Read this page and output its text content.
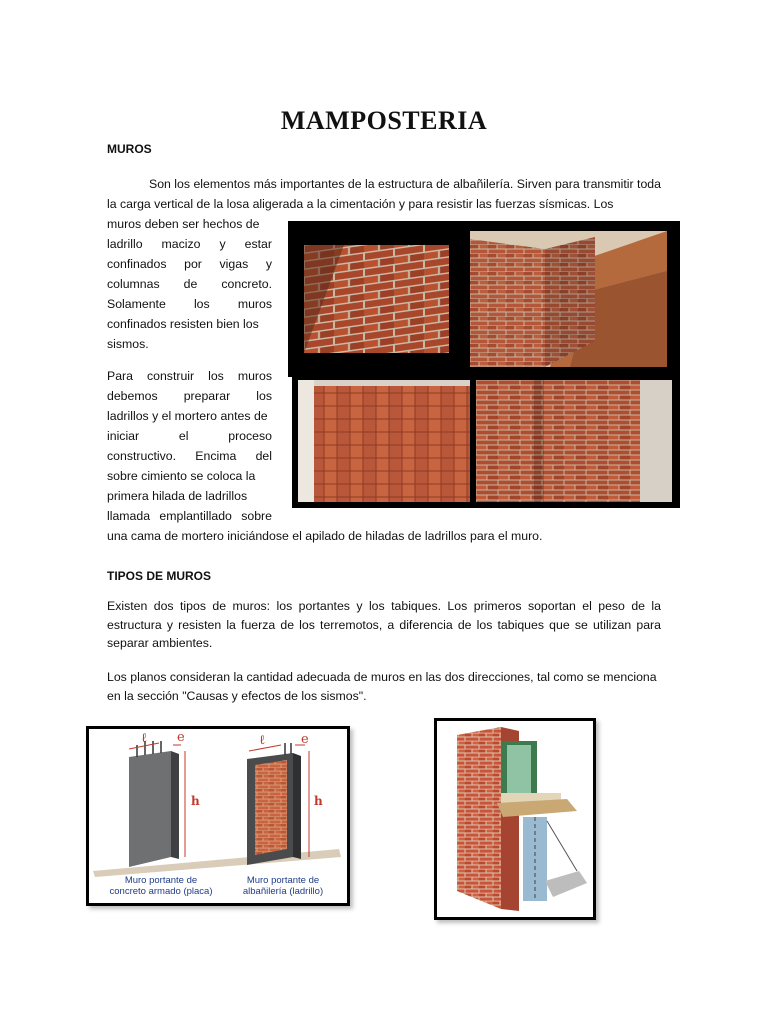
MAMPOSTERIA
MUROS

Son los elementos más importantes de la estructura de albañilería. Sirven para transmitir toda la carga vertical de la losa aligerada a la cimentación y para resistir las fuerzas sísmicas. Los

muros deben ser hechos de
ladrillo macizo y estar
confinados por vigas y
columnas de concreto.
Solamente los muros
confinados resisten bien los
sismos.
Para construir los muros
debemos preparar los
ladrillos y el mortero antes de
iniciar el proceso
constructivo. Encima del
sobre cimiento se coloca la
primera hilada de ladrillos
llamada emplantillado sobre

una cama de mortero iniciándose el apilado de hiladas de ladrillos para el muro.

TIPOS DE MUROS

Existen dos tipos de muros: los portantes y los tabiques. Los primeros soportan el peso de la estructura y resisten la fuerza de los terremotos, a diferencia de los tabiques que se utilizan para separar ambientes.

Los planos consideran la cantidad adecuada de muros en las dos direcciones, tal como se menciona en la sección "Causas y efectos de los sismos".

ℓ e
h
ℓ	e
h
Muro portante de
concreto armado (placa)
Muro portante de
albañilería (ladrillo)
